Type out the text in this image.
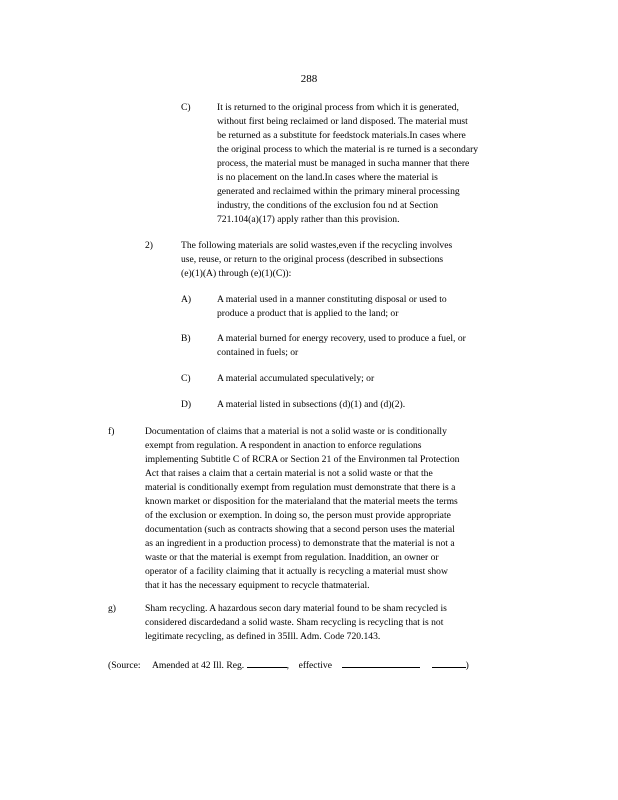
288
C)	It is returned to the original process from which it is generated,
without first being reclaimed or land disposed. The material must
be returned as a substitute for feedstock materials.In cases where
the original process to which the material is re turned is a secondary
process, the material must be managed in sucha manner that there
is no placement on the land.In cases where the material is
generated and reclaimed within the primary mineral processing
industry, the conditions of the exclusion fou nd at Section
721.104(a)(17) apply rather than this provision.
2)	The following materials are solid wastes,even if the recycling involves
use, reuse, or return to the original process (described in subsections
(e)(1)(A) through (e)(1)(C)):
A)	A material used in a manner constituting disposal or used to
produce a product that is applied to the land; or
B)	A material burned for energy recovery, used to produce a fuel, or
contained in fuels; or
C)	A material accumulated speculatively; or
D)	A material listed in subsections (d)(1) and (d)(2).
f)	Documentation of claims that a material is not a solid waste or is conditionally
exempt from regulation. A respondent in anaction to enforce regulations
implementing Subtitle C of RCRA or Section 21 of the Environmen tal Protection
Act that raises a claim that a certain material is not a solid waste or that the
material is conditionally exempt from regulation must demonstrate that there is a
known market or disposition for the materialand that the material meets the terms
of the exclusion or exemption. In doing so, the person must provide appropriate
documentation (such as contracts showing that a second person uses the material
as an ingredient in a production process) to demonstrate that the material is not a
waste or that the material is exempt from regulation. Inaddition, an owner or
operator of a facility claiming that it actually is recycling a material must show
that it has the necessary equipment to recycle thatmaterial.
g)	Sham recycling. A hazardous secon dary material found to be sham recycled is
considered discardedand a solid waste. Sham recycling is recycling that is not
legitimate recycling, as defined in 35Ill. Adm. Code 720.143.
(Source: Amended at 42 Ill. Reg.	, effective	)
